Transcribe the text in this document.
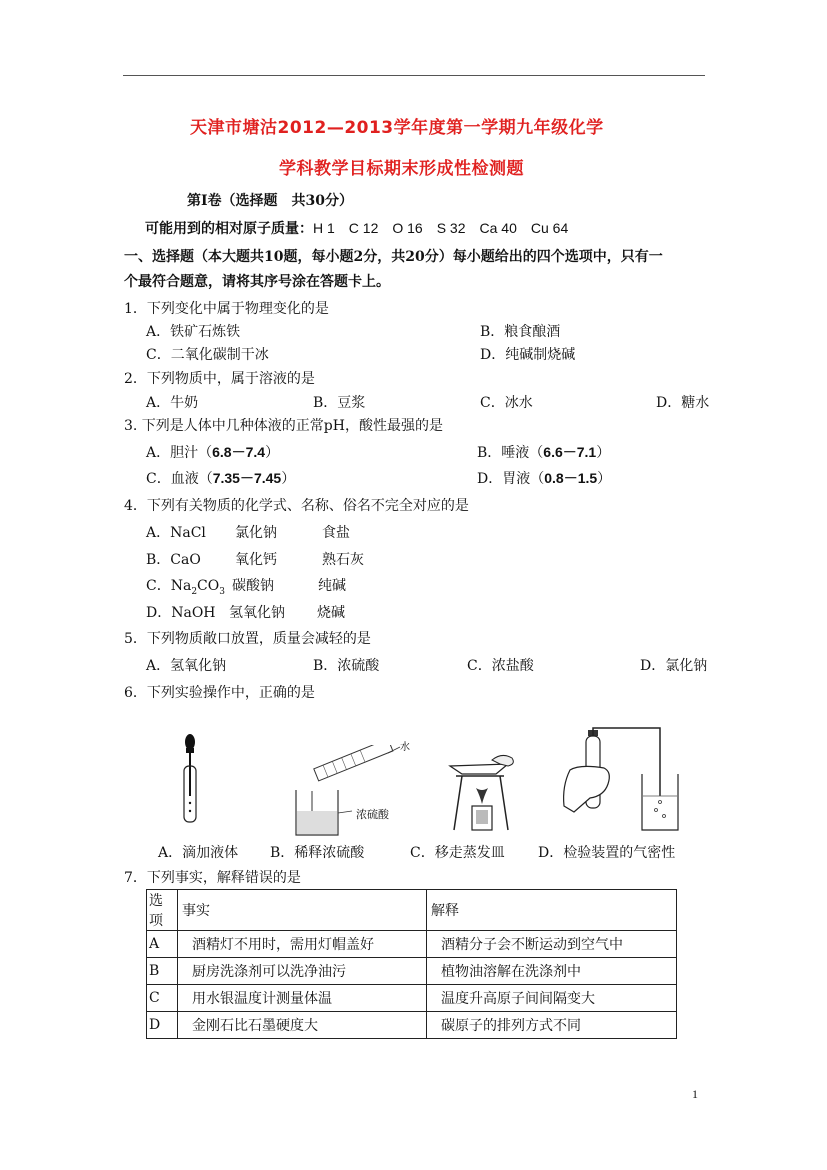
天津市塘沽2012—2013学年度第一学期九年级化学
学科教学目标期末形成性检测题
第Ⅰ卷（选择题　共30分）
可能用到的相对原子质量：H 1　C 12　O 16　S 32　Ca 40　Cu 64
一、选择题（本大题共10题，每小题2分，共20分）每小题给出的四个选项中，只有一
个最符合题意，请将其序号涂在答题卡上。
1．下列变化中属于物理变化的是
A．铁矿石炼铁	B．粮食酿酒
C．二氧化碳制干冰	D．纯碱制烧碱
2．下列物质中，属于溶液的是
A．牛奶	B．豆浆	C．冰水	D．糖水
3. 下列是人体中几种体液的正常pH，酸性最强的是
A．胆汁（6.8－7.4）	B．唾液（6.6－7.1）
C．血液（7.35－7.45）	D．胃液（0.8－1.5）
4．下列有关物质的化学式、名称、俗名不完全对应的是
A．NaCl 氯化钠	食盐
B．CaO 氧化钙	熟石灰
C．$Na_2CO_3$ 碳酸钠	纯碱
D．NaOH 氢氧化钠 烧碱
5．下列物质敞口放置，质量会减轻的是
A．氢氧化钠	B．浓硫酸	C．浓盐酸	D．氯化钠
6．下列实验操作中，正确的是
水
浓硫酸
A．滴加液体 B．稀释浓硫酸	C．移走蒸发皿 D．检验装置的气密性
7．下列事实，解释错误的是
选项	事实	解释
A	酒精灯不用时，需用灯帽盖好	酒精分子会不断运动到空气中
B	厨房洗涤剂可以洗净油污	植物油溶解在洗涤剂中
C	用水银温度计测量体温	温度升高原子间间隔变大
D	金刚石比石墨硬度大	碳原子的排列方式不同
1
